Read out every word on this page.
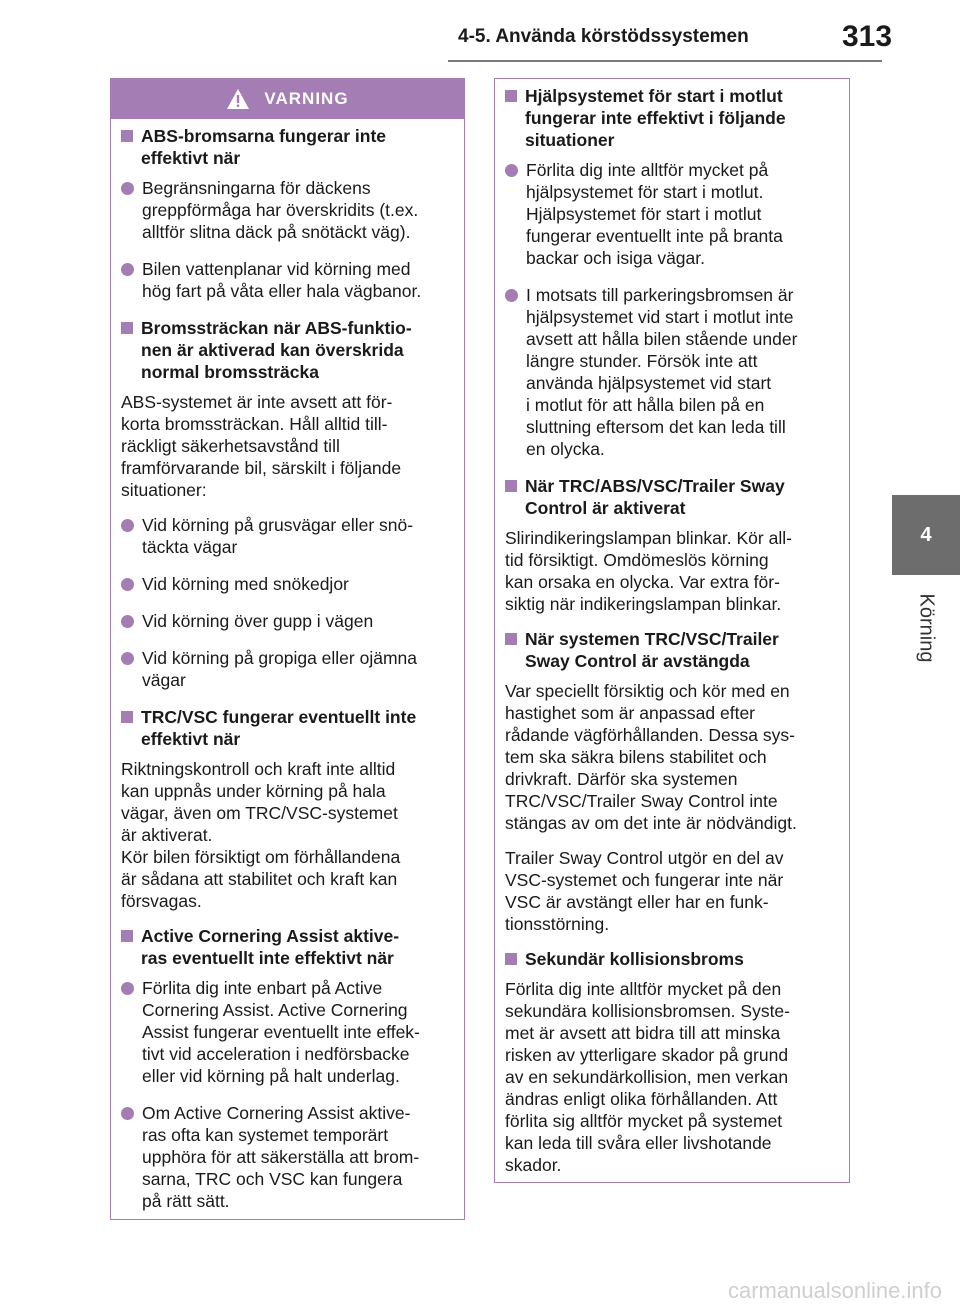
4-5. Använda körstödssystemen	313
4
Körning
VARNING
ABS-bromsarna fungerar inte
effektivt när
Begränsningarna för däckens
greppförmåga har överskridits (t.ex.
alltför slitna däck på snötäckt väg).
Bilen vattenplanar vid körning med
hög fart på våta eller hala vägbanor.
Bromssträckan när ABS-funktio-
nen är aktiverad kan överskrida
normal bromssträcka
ABS-systemet är inte avsett att för-
korta bromssträckan. Håll alltid till-
räckligt säkerhetsavstånd till
framförvarande bil, särskilt i följande
situationer:
Vid körning på grusvägar eller snö-
täckta vägar
Vid körning med snökedjor
Vid körning över gupp i vägen
Vid körning på gropiga eller ojämna
vägar
TRC/VSC fungerar eventuellt inte
effektivt när
Riktningskontroll och kraft inte alltid
kan uppnås under körning på hala
vägar, även om TRC/VSC-systemet
är aktiverat.
Kör bilen försiktigt om förhållandena
är sådana att stabilitet och kraft kan
försvagas.
Active Cornering Assist aktive-
ras eventuellt inte effektivt när
Förlita dig inte enbart på Active
Cornering Assist. Active Cornering
Assist fungerar eventuellt inte effek-
tivt vid acceleration i nedförsbacke
eller vid körning på halt underlag.
Om Active Cornering Assist aktive-
ras ofta kan systemet temporärt
upphöra för att säkerställa att brom-
sarna, TRC och VSC kan fungera
på rätt sätt.
Hjälpsystemet för start i motlut
fungerar inte effektivt i följande
situationer
Förlita dig inte alltför mycket på
hjälpsystemet för start i motlut.
Hjälpsystemet för start i motlut
fungerar eventuellt inte på branta
backar och isiga vägar.
I motsats till parkeringsbromsen är
hjälpsystemet vid start i motlut inte
avsett att hålla bilen stående under
längre stunder. Försök inte att
använda hjälpsystemet vid start
i motlut för att hålla bilen på en
sluttning eftersom det kan leda till
en olycka.
När TRC/ABS/VSC/Trailer Sway
Control är aktiverat
Slirindikeringslampan blinkar. Kör all-
tid försiktigt. Omdömeslös körning
kan orsaka en olycka. Var extra för-
siktig när indikeringslampan blinkar.
När systemen TRC/VSC/Trailer
Sway Control är avstängda
Var speciellt försiktig och kör med en
hastighet som är anpassad efter
rådande vägförhållanden. Dessa sys-
tem ska säkra bilens stabilitet och
drivkraft. Därför ska systemen
TRC/VSC/Trailer Sway Control inte
stängas av om det inte är nödvändigt.
Trailer Sway Control utgör en del av
VSC-systemet och fungerar inte när
VSC är avstängt eller har en funk-
tionsstörning.
Sekundär kollisionsbroms
Förlita dig inte alltför mycket på den
sekundära kollisionsbromsen. Syste-
met är avsett att bidra till att minska
risken av ytterligare skador på grund
av en sekundärkollision, men verkan
ändras enligt olika förhållanden. Att
förlita sig alltför mycket på systemet
kan leda till svåra eller livshotande
skador.
carmanualsonline.info
